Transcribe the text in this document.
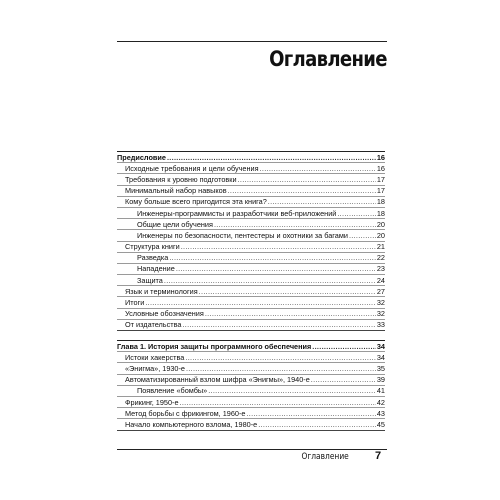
Оглавление
Предисловие .....	16
Исходные требования и цели обучения .....	16
Требования к уровню подготовки .....	17
Минимальный набор навыков .....	17
Кому больше всего пригодится эта книга? .....	18
Инженеры-программисты и разработчики веб-приложений .....	18
Общие цели обучения .....	20
Инженеры по безопасности, пентестеры и охотники за багами .....	20
Структура книги .....	21
Разведка .....	22
Нападение .....	23
Защита .....	24
Язык и терминология .....	27
Итоги .....	32
Условные обозначения .....	32
От издательства .....	33
Глава 1. История защиты программного обеспечения .....	34
Истоки хакерства .....	34
«Энигма», 1930-е .....	35
Автоматизированный взлом шифра «Энигмы», 1940-е .....	39
Появление «бомбы» .....	41
Фрикинг, 1950-е .....	42
Метод борьбы с фрикингом, 1960-е .....	43
Начало компьютерного взлома, 1980-е .....	45
Оглавление 7
